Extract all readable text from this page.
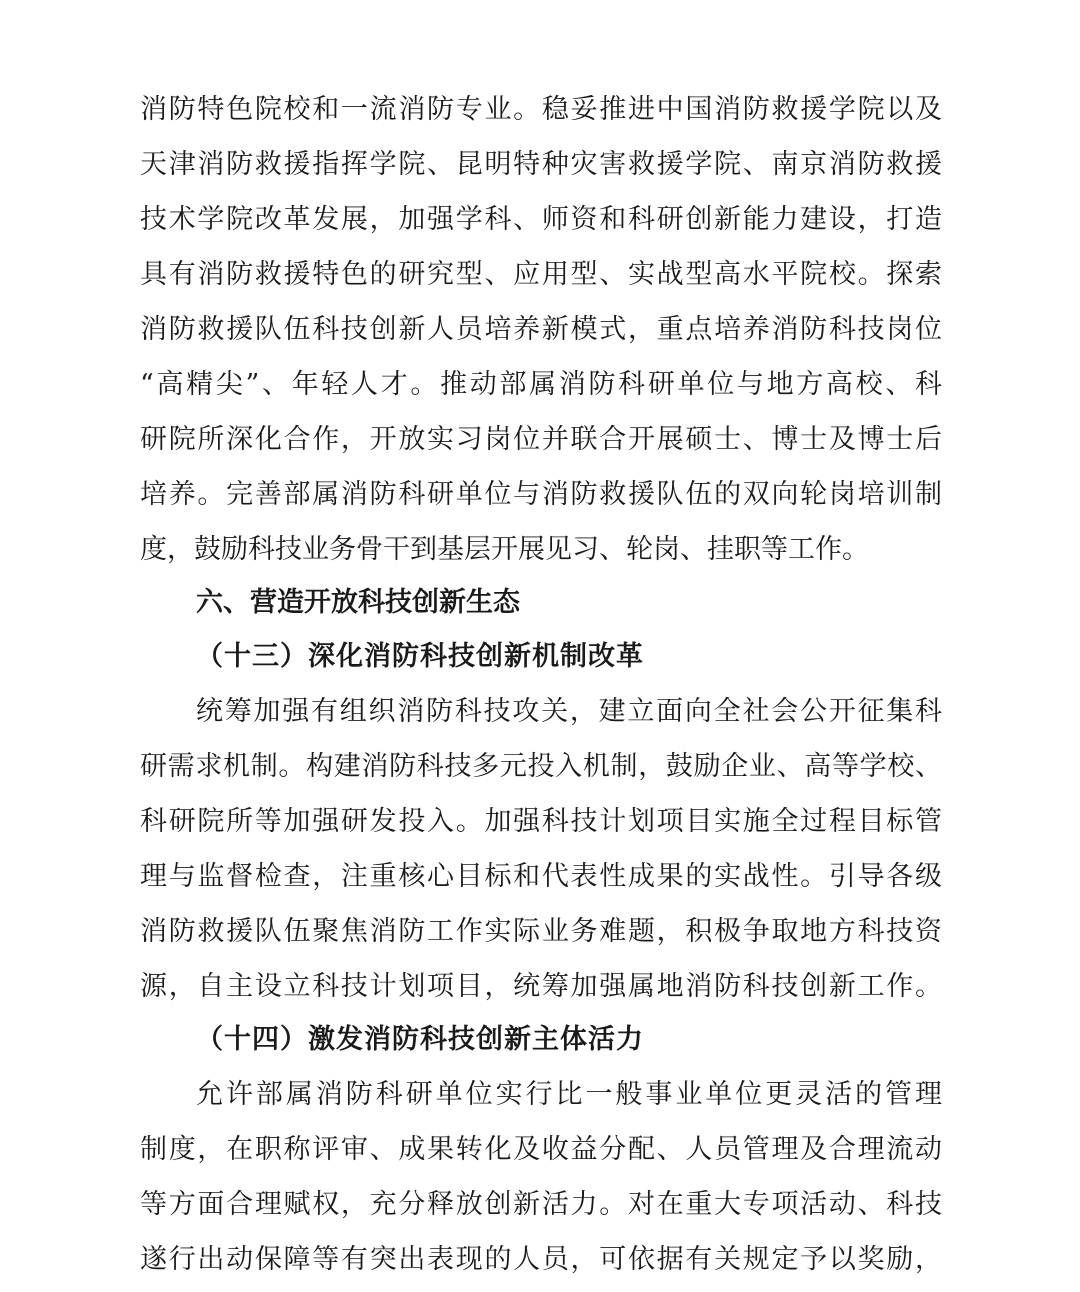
消防特色院校和一流消防专业。稳妥推进中国消防救援学院以及
天津消防救援指挥学院、昆明特种灾害救援学院、南京消防救援
技术学院改革发展，加强学科、师资和科研创新能力建设，打造
具有消防救援特色的研究型、应用型、实战型高水平院校。探索
消防救援队伍科技创新人员培养新模式，重点培养消防科技岗位
“高精尖”、年轻人才。推动部属消防科研单位与地方高校、科
研院所深化合作，开放实习岗位并联合开展硕士、博士及博士后
培养。完善部属消防科研单位与消防救援队伍的双向轮岗培训制
度，鼓励科技业务骨干到基层开展见习、轮岗、挂职等工作。
六、营造开放科技创新生态
（十三）深化消防科技创新机制改革
统筹加强有组织消防科技攻关，建立面向全社会公开征集科
研需求机制。构建消防科技多元投入机制，鼓励企业、高等学校、
科研院所等加强研发投入。加强科技计划项目实施全过程目标管
理与监督检查，注重核心目标和代表性成果的实战性。引导各级
消防救援队伍聚焦消防工作实际业务难题，积极争取地方科技资
源，自主设立科技计划项目，统筹加强属地消防科技创新工作。
（十四）激发消防科技创新主体活力
允许部属消防科研单位实行比一般事业单位更灵活的管理
制度，在职称评审、成果转化及收益分配、人员管理及合理流动
等方面合理赋权，充分释放创新活力。对在重大专项活动、科技
遂行出动保障等有突出表现的人员，可依据有关规定予以奖励，
